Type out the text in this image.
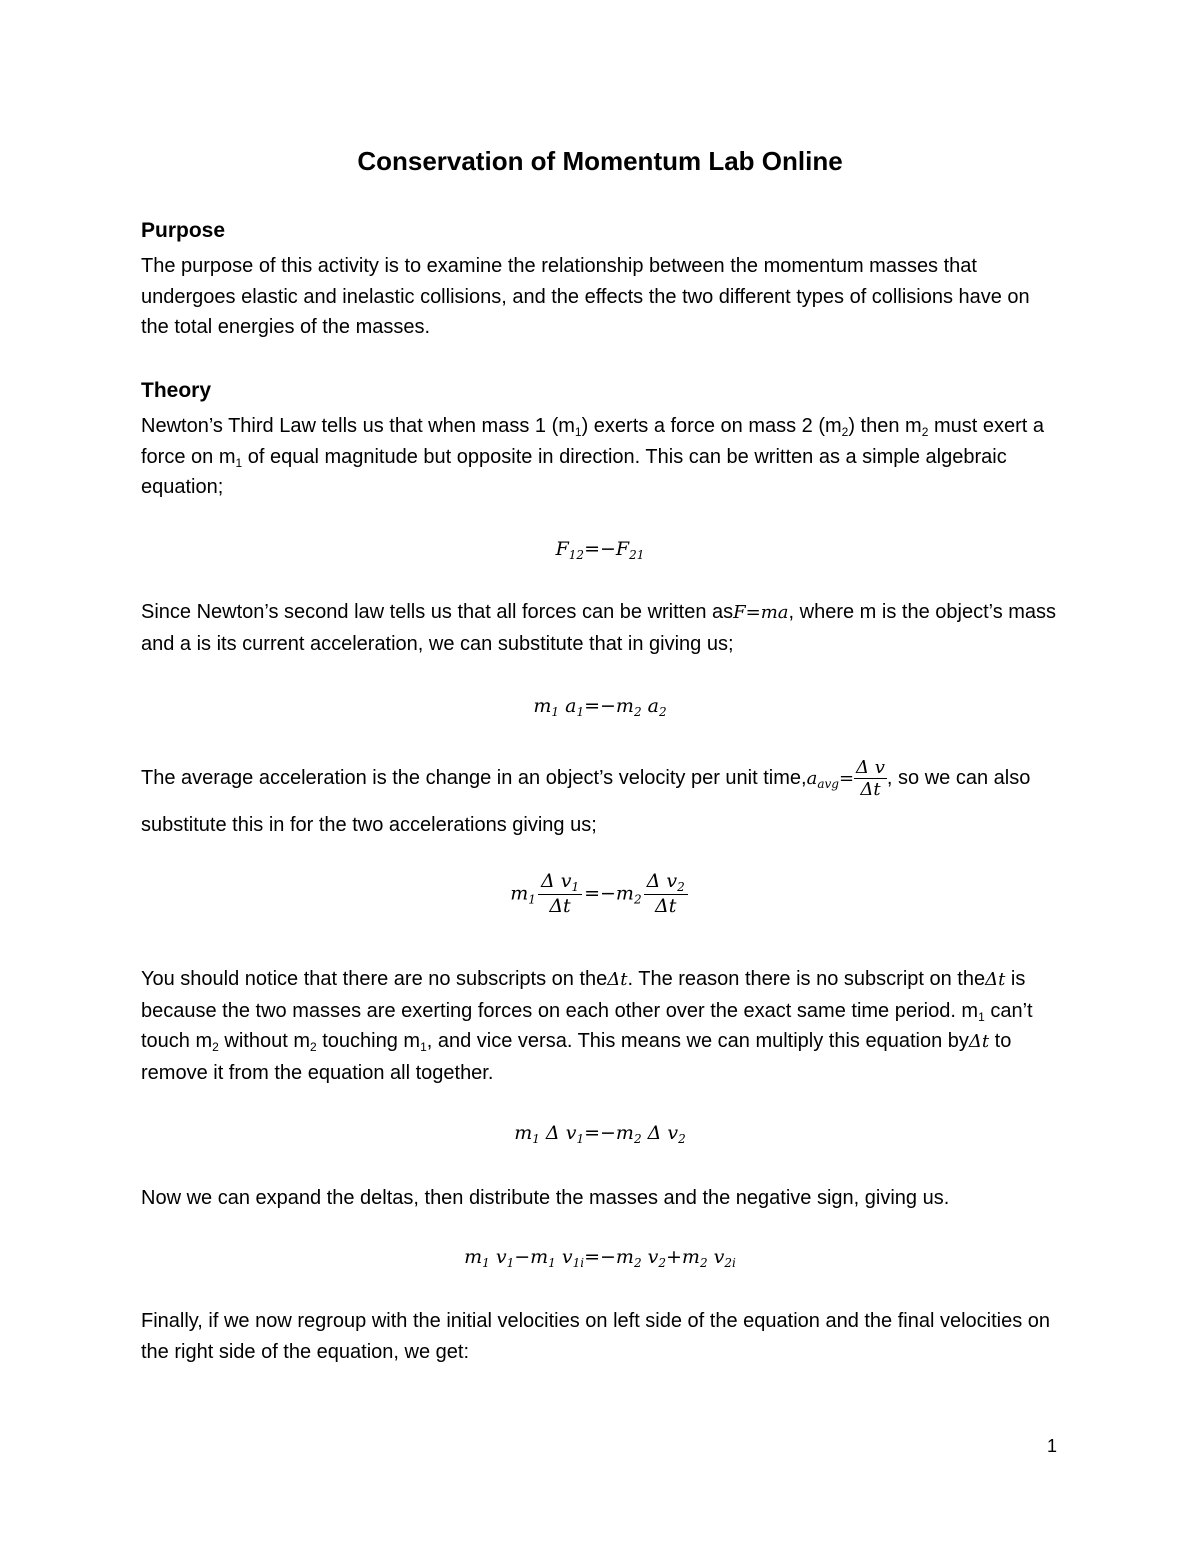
Conservation of Momentum Lab Online
Purpose
The purpose of this activity is to examine the relationship between the momentum masses that undergoes elastic and inelastic collisions, and the effects the two different types of collisions have on the total energies of the masses.
Theory
Newton’s Third Law tells us that when mass 1 $(m_1)$ exerts a force on mass 2 $(m_2)$ then $m_2$ must exert a force on $m_1$ of equal magnitude but opposite in direction. This can be written as a simple algebraic equation;
$F_{12}=-F_{21}$
Since Newton’s second law tells us that all forces can be written asF=ma, where m is the object’s mass and a is its current acceleration, we can substitute that in giving us;
$m_1$ $a_1=-m_2$ $a_2$
The average acceleration is the change in an object’s velocity per unit $time,a_{avg}= \frac{\text{Δ v}}{\Delta t}$ , so we can also substitute this in for the two accelerations giving us;
$m_1 \frac{\Delta v_1}{\Delta t} =-m_2 \frac{\Delta v_2}{\Delta t}$
You should notice that there are no subscripts on theΔt. The reason there is no subscript on theΔt is because the two masses are exerting forces on each other over the exact same time period. $m_1$ can’t touch $m_2$ without $m_2$ touching $m_1$, and vice versa. This means we can multiply this equation byΔt to remove it from the equation all together.
$m_1$ Δ $v_1=-m_2$ Δ $v_2$
Now we can expand the deltas, then distribute the masses and the negative sign, giving us.
$m_1$ $v_1-m_1$ $v_{1i}=-m_2$ $v_2+m_2$ $v_{2i}$
Finally, if we now regroup with the initial velocities on left side of the equation and the final velocities on the right side of the equation, we get:
1
